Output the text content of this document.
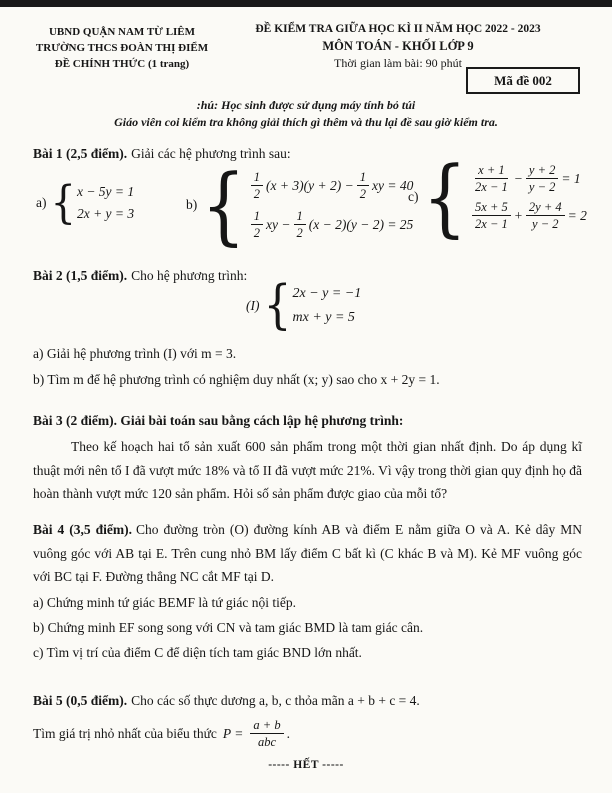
UBND QUẬN NAM TỪ LIÊM
TRƯỜNG THCS ĐOÀN THỊ ĐIỂM
ĐỀ CHÍNH THỨC (1 trang)
ĐỀ KIỂM TRA GIỮA HỌC KÌ II NĂM HỌC 2022 - 2023
MÔN TOÁN - KHỐI LỚP 9
Thời gian làm bài: 90 phút
Mã đề 002
:hú: Học sinh được sử dụng máy tính bỏ túi
Giáo viên coi kiểm tra không giải thích gì thêm và thu lại đề sau giờ kiểm tra.
Bài 1 (2,5 điểm). Giải các hệ phương trình sau:
a) { x − 5y = 1
2x + y = 3
b) { $\frac{1}{2} (x + 3)(y + 2) - \frac{1}{2}$ xy = 40
$\frac{1}{2}$ xy − $\frac{1}{2} (x - 2)(y - 2) = 25$
c) { $\frac{x + 1}{2x - 1} - \frac{y + 2}{y - 2} = 1$
$\frac{5x + 5}{2x - 1} + \frac{2y + 4}{y - 2} = 2$
Bài 2 (1,5 điểm). Cho hệ phương trình:
(I) { 2x − y = −1
mx + y = 5
a) Giải hệ phương trình (I) với m = 3.
b) Tìm m để hệ phương trình có nghiệm duy nhất (x; y) sao cho x + 2y = 1.
Bài 3 (2 điểm). Giải bài toán sau bằng cách lập hệ phương trình:
Theo kế hoạch hai tổ sản xuất 600 sản phẩm trong một thời gian nhất định. Do áp dụng kĩ thuật mới nên tổ I đã vượt mức 18% và tổ II đã vượt mức 21%. Vì vậy trong thời gian quy định họ đã hoàn thành vượt mức 120 sản phẩm. Hỏi số sản phẩm được giao của mỗi tổ?
Bài 4 (3,5 điểm). Cho đường tròn (O) đường kính AB và điểm E nằm giữa O và A. Kẻ dây MN vuông góc với AB tại E. Trên cung nhỏ BM lấy điểm C bất kì (C khác B và M). Kẻ MF vuông góc với BC tại F. Đường thẳng NC cắt MF tại D.
a) Chứng minh tứ giác BEMF là tứ giác nội tiếp.
b) Chứng minh EF song song với CN và tam giác BMD là tam giác cân.
c) Tìm vị trí của điểm C để diện tích tam giác BND lớn nhất.
Bài 5 (0,5 điểm). Cho các số thực dương a, b, c thỏa mãn a + b + c = 4.
Tìm giá trị nhỏ nhất của biểu thức $P = \frac{a + b}{\text{abc}}$ .
----- HẾT -----
